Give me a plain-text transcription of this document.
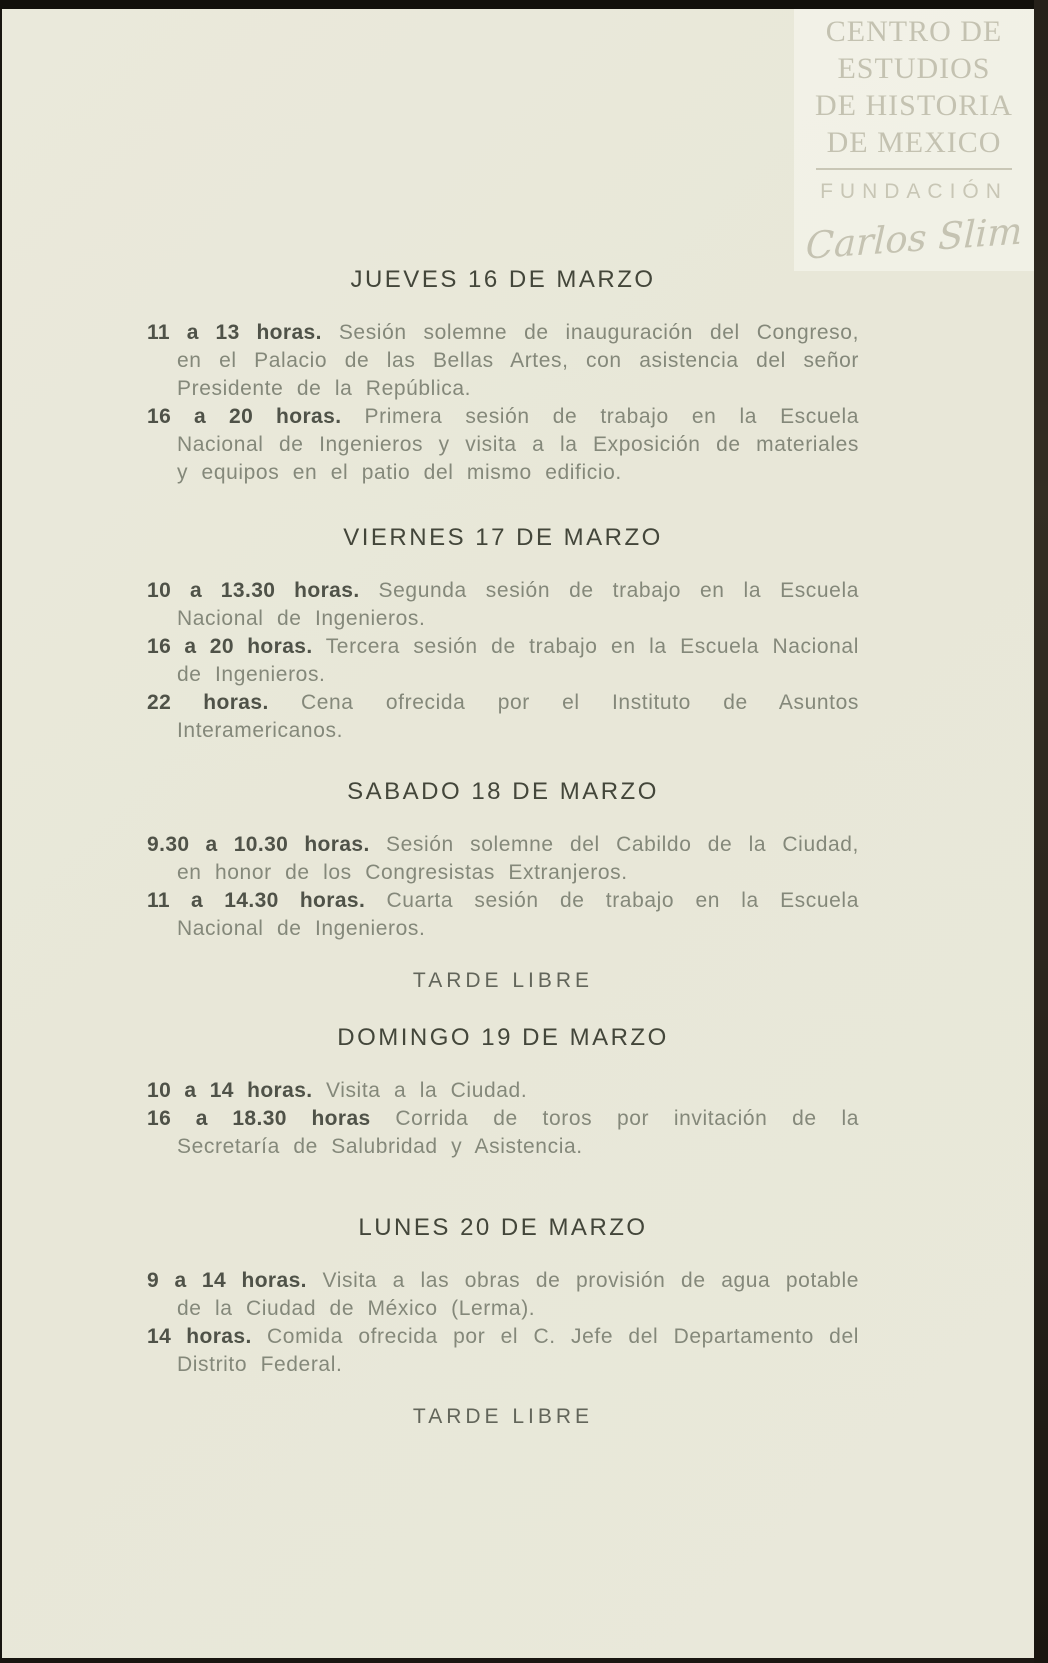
CENTRO DE
ESTUDIOS
DE HISTORIA
DE MEXICO
FUNDACIÓN
Carlos Slim
JUEVES 16 DE MARZO

11 a 13 horas. Sesión solemne de inauguración del Congreso, en el Palacio de las Bellas Artes, con asistencia del señor Presidente de la República.

16 a 20 horas. Primera sesión de trabajo en la Escuela Nacional de Ingenieros y visita a la Exposición de materiales y equipos en el patio del mismo edificio.

VIERNES 17 DE MARZO

10 a 13.30 horas. Segunda sesión de trabajo en la Escuela Nacional de Ingenieros.

16 a 20 horas. Tercera sesión de trabajo en la Escuela Nacional de Ingenieros.

22 horas. Cena ofrecida por el Instituto de Asuntos Interamericanos.

SABADO 18 DE MARZO

9.30 a 10.30 horas. Sesión solemne del Cabildo de la Ciudad, en honor de los Congresistas Extranjeros.

11 a 14.30 horas. Cuarta sesión de trabajo en la Escuela Nacional de Ingenieros.

TARDE LIBRE
DOMINGO 19 DE MARZO

10 a 14 horas. Visita a la Ciudad.

16 a 18.30 horas Corrida de toros por invitación de la Secretaría de Salubridad y Asistencia.

LUNES 20 DE MARZO

9 a 14 horas. Visita a las obras de provisión de agua potable de la Ciudad de México (Lerma).

14 horas. Comida ofrecida por el C. Jefe del Departamento del Distrito Federal.

TARDE LIBRE
